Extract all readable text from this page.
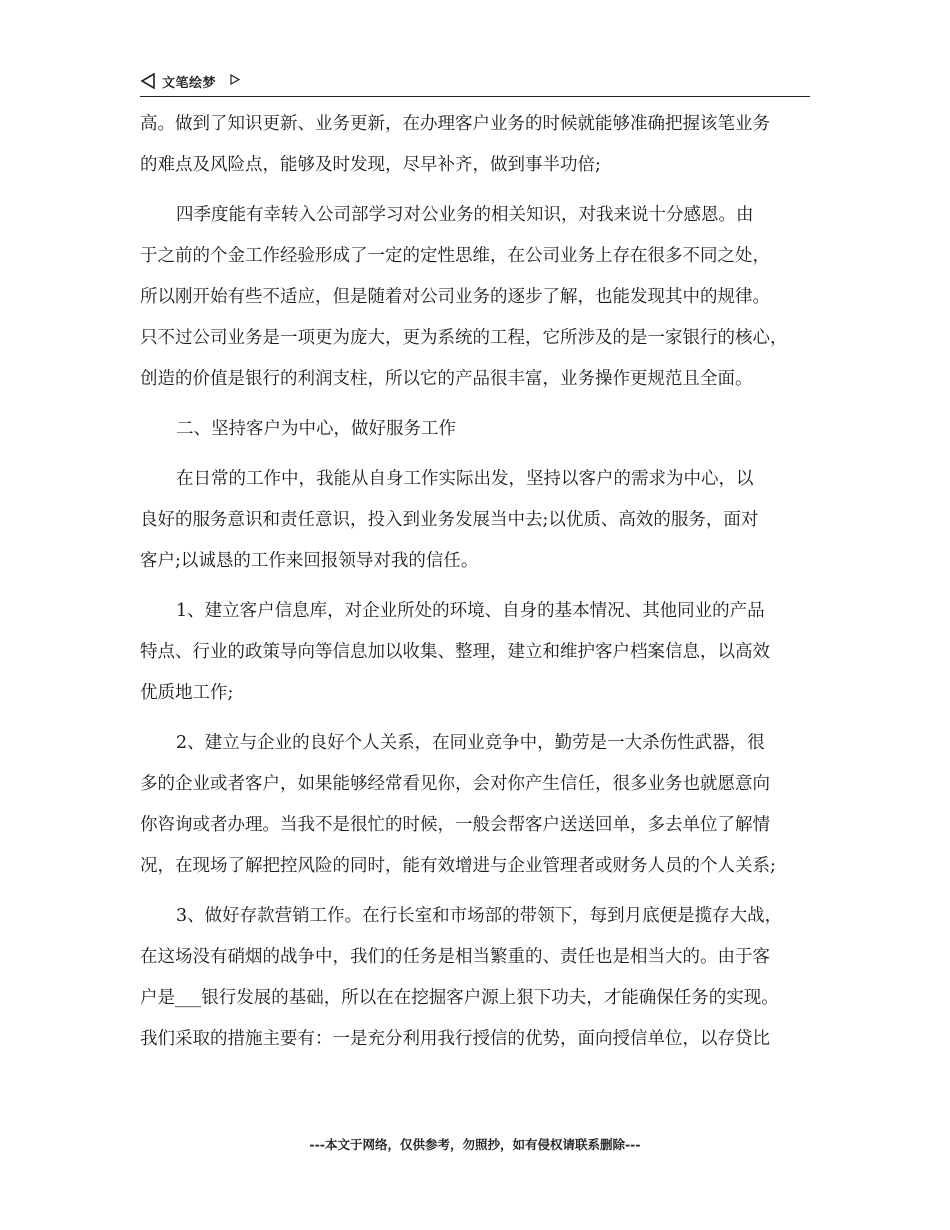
文笔绘梦
高。做到了知识更新、业务更新，在办理客户业务的时候就能够准确把握该笔业务
的难点及风险点，能够及时发现，尽早补齐，做到事半功倍;
四季度能有幸转入公司部学习对公业务的相关知识，对我来说十分感恩。由
于之前的个金工作经验形成了一定的定性思维，在公司业务上存在很多不同之处，
所以刚开始有些不适应，但是随着对公司业务的逐步了解，也能发现其中的规律。
只不过公司业务是一项更为庞大，更为系统的工程，它所涉及的是一家银行的核心，
创造的价值是银行的利润支柱，所以它的产品很丰富，业务操作更规范且全面。
二、坚持客户为中心，做好服务工作
在日常的工作中，我能从自身工作实际出发，坚持以客户的需求为中心，以
良好的服务意识和责任意识，投入到业务发展当中去;以优质、高效的服务，面对
客户;以诚恳的工作来回报领导对我的信任。
1、建立客户信息库，对企业所处的环境、自身的基本情况、其他同业的产品
特点、行业的政策导向等信息加以收集、整理，建立和维护客户档案信息，以高效
优质地工作;
2、建立与企业的良好个人关系，在同业竞争中，勤劳是一大杀伤性武器，很
多的企业或者客户，如果能够经常看见你，会对你产生信任，很多业务也就愿意向
你咨询或者办理。当我不是很忙的时候，一般会帮客户送送回单，多去单位了解情
况，在现场了解把控风险的同时，能有效增进与企业管理者或财务人员的个人关系;
3、做好存款营销工作。在行长室和市场部的带领下，每到月底便是揽存大战，
在这场没有硝烟的战争中，我们的任务是相当繁重的、责任也是相当大的。由于客
户是___银行发展的基础，所以在在挖掘客户源上狠下功夫，才能确保任务的实现。
我们采取的措施主要有：一是充分利用我行授信的优势，面向授信单位，以存贷比
---本文于网络，仅供参考，勿照抄，如有侵权请联系删除---
